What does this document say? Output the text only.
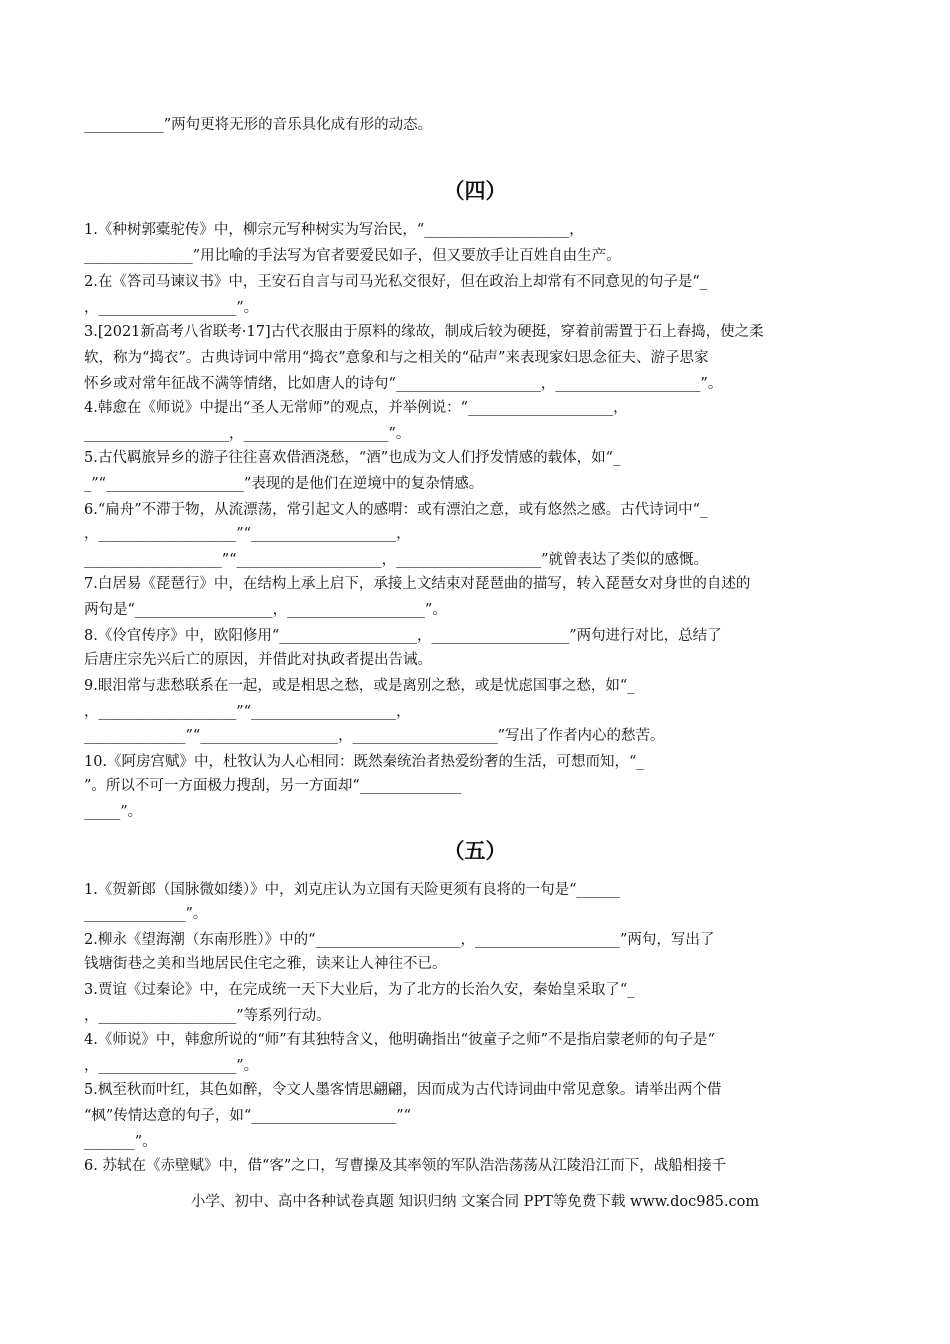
___________”两句更将无形的音乐具化成有形的动态。
（四）
1.《种树郭橐驼传》中，柳宗元写种树实为写治民，“____________________，
_______________”用比喻的手法写为官者要爱民如子，但又要放手让百姓自由生产。
2.在《答司马谏议书》中，王安石自言与司马光私交很好，但在政治上却常有不同意见的句子是“_
，___________________”。
3.[2021新高考八省联考·17]古代衣服由于原料的缘故，制成后较为硬挺，穿着前需置于石上舂捣，使之柔
软，称为“捣衣”。古典诗词中常用“捣衣”意象和与之相关的“砧声”来表现家妇思念征夫、游子思家
怀乡或对常年征战不满等情绪，比如唐人的诗句“____________________，____________________”。
4.韩愈在《师说》中提出“圣人无常师”的观点，并举例说：“____________________，
____________________，____________________”。
5.古代羁旅异乡的游子往往喜欢借酒浇愁，“酒”也成为文人们抒发情感的载体，如“_
_”“___________________”表现的是他们在逆境中的复杂情感。
6.“扁舟”不滞于物，从流漂荡，常引起文人的感喟：或有漂泊之意，或有悠然之感。古代诗词中“_
，___________________”“____________________，
___________________”“____________________，____________________”就曾表达了类似的感慨。
7.白居易《琵琶行》中，在结构上承上启下，承接上文结束对琵琶曲的描写，转入琵琶女对身世的自述的
两句是“___________________，___________________”。
8.《伶官传序》中，欧阳修用“___________________，___________________”两句进行对比，总结了
后唐庄宗先兴后亡的原因，并借此对执政者提出告诫。
9.眼泪常与悲愁联系在一起，或是相思之愁，或是离别之愁，或是忧虑国事之愁，如“_
，___________________”“____________________，
______________”“___________________，____________________”写出了作者内心的愁苦。
10.《阿房宫赋》中，杜牧认为人心相同：既然秦统治者热爱纷奢的生活，可想而知，“_
”。所以不可一方面极力搜刮，另一方面却“______________
_____”。
（五）
1.《贺新郎（国脉微如缕）》中，刘克庄认为立国有天险更须有良将的一句是“______
______________”。
2.柳永《望海潮（东南形胜）》中的“____________________，____________________”两句，写出了
钱塘街巷之美和当地居民住宅之雅，读来让人神往不已。
3.贾谊《过秦论》中，在完成统一天下大业后，为了北方的长治久安，秦始皇采取了“_
，___________________”等系列行动。
4.《师说》中，韩愈所说的“师”有其独特含义，他明确指出“彼童子之师”不是指启蒙老师的句子是“
，___________________”。
5.枫至秋而叶红，其色如醉，令文人墨客情思翩翩，因而成为古代诗词曲中常见意象。请举出两个借
“枫”传情达意的句子，如“____________________”“
_______”。
6. 苏轼在《赤壁赋》中，借“客”之口，写曹操及其率领的军队浩浩荡荡从江陵沿江而下，战船相接千
小学、初中、高中各种试卷真题 知识归纳 文案合同 PPT等免费下载 www.doc985.com
